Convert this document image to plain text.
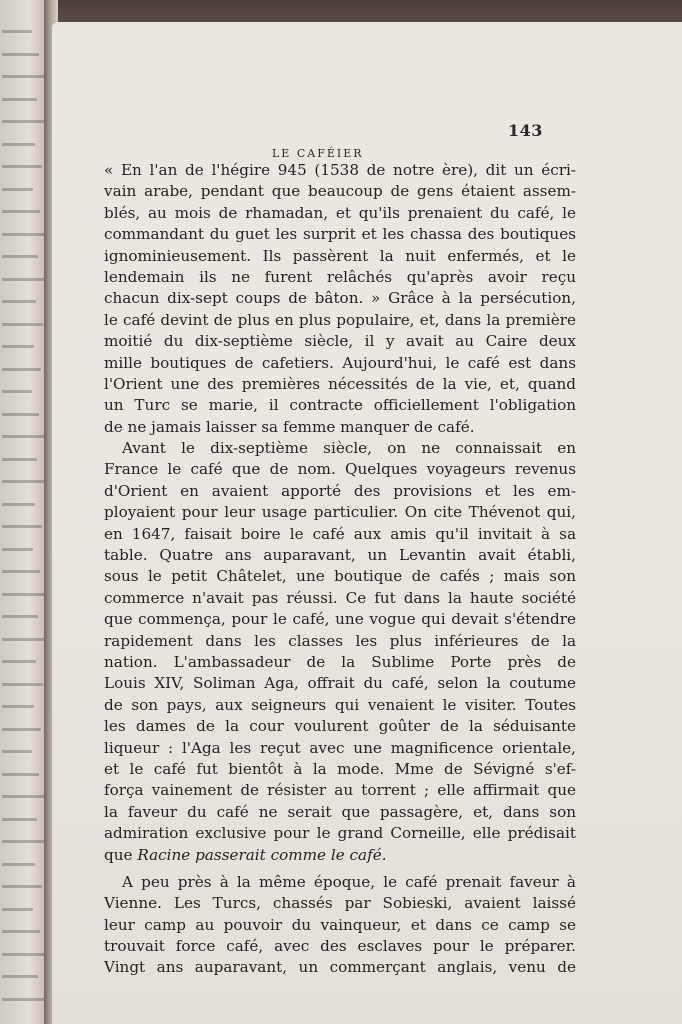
143
LE CAFÉIER
« En l'an de l'hégire 945 (1538 de notre ère), dit un écri-
vain arabe, pendant que beaucoup de gens étaient assem-
blés, au mois de rhamadan, et qu'ils prenaient du café, le
commandant du guet les surprit et les chassa des boutiques
ignominieusement. Ils passèrent la nuit enfermés, et le
lendemain ils ne furent relâchés qu'après avoir reçu
chacun dix-sept coups de bâton. » Grâce à la persécution,
le café devint de plus en plus populaire, et, dans la première
moitié du dix-septième siècle, il y avait au Caire deux
mille boutiques de cafetiers. Aujourd'hui, le café est dans
l'Orient une des premières nécessités de la vie, et, quand
un Turc se marie, il contracte officiellement l'obligation
de ne jamais laisser sa femme manquer de café.
Avant le dix-septième siècle, on ne connaissait en
France le café que de nom. Quelques voyageurs revenus
d'Orient en avaient apporté des provisions et les em-
ployaient pour leur usage particulier. On cite Thévenot qui,
en 1647, faisait boire le café aux amis qu'il invitait à sa
table. Quatre ans auparavant, un Levantin avait établi,
sous le petit Châtelet, une boutique de cafés ; mais son
commerce n'avait pas réussi. Ce fut dans la haute société
que commença, pour le café, une vogue qui devait s'étendre
rapidement dans les classes les plus inférieures de la
nation. L'ambassadeur de la Sublime Porte près de
Louis XIV, Soliman Aga, offrait du café, selon la coutume
de son pays, aux seigneurs qui venaient le visiter. Toutes
les dames de la cour voulurent goûter de la séduisante
liqueur : l'Aga les reçut avec une magnificence orientale,
et le café fut bientôt à la mode. Mme de Sévigné s'ef-
força vainement de résister au torrent ; elle affirmait que
la faveur du café ne serait que passagère, et, dans son
admiration exclusive pour le grand Corneille, elle prédisait
que Racine passerait comme le café.
A peu près à la même époque, le café prenait faveur à
Vienne. Les Turcs, chassés par Sobieski, avaient laissé
leur camp au pouvoir du vainqueur, et dans ce camp se
trouvait force café, avec des esclaves pour le préparer.
Vingt ans auparavant, un commerçant anglais, venu de
